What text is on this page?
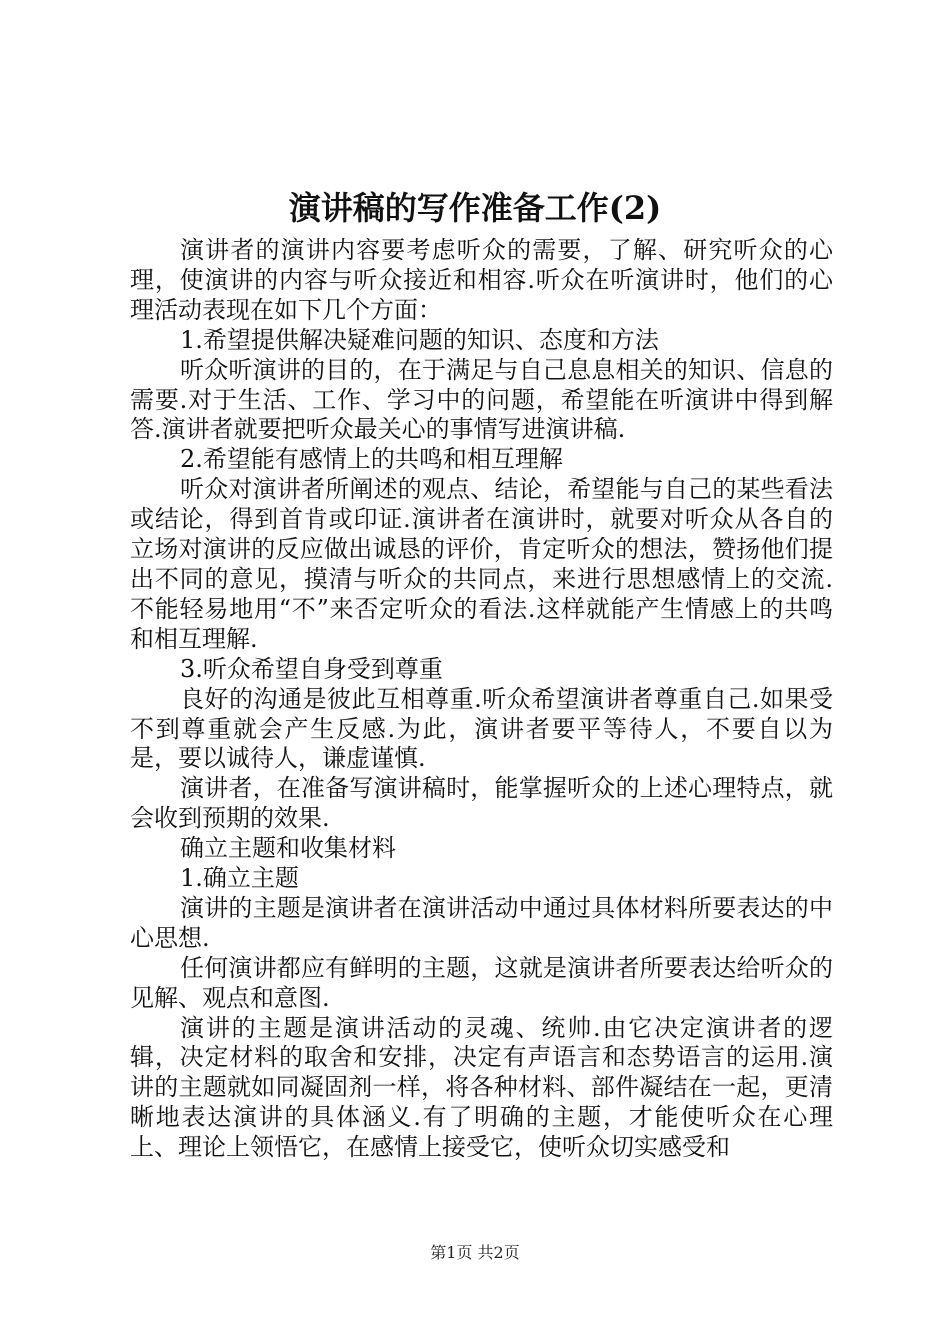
演讲稿的写作准备工作(2)

演讲者的演讲内容要考虑听众的需要，了解、研究听众的心理，使演讲的内容与听众接近和相容.听众在听演讲时，他们的心理活动表现在如下几个方面：

1.希望提供解决疑难问题的知识、态度和方法

听众听演讲的目的，在于满足与自己息息相关的知识、信息的需要.对于生活、工作、学习中的问题，希望能在听演讲中得到解答.演讲者就要把听众最关心的事情写进演讲稿.

2.希望能有感情上的共鸣和相互理解

听众对演讲者所阐述的观点、结论，希望能与自己的某些看法或结论，得到首肯或印证.演讲者在演讲时，就要对听众从各自的立场对演讲的反应做出诚恳的评价，肯定听众的想法，赞扬他们提出不同的意见，摸清与听众的共同点，来进行思想感情上的交流.不能轻易地用“不”来否定听众的看法.这样就能产生情感上的共鸣和相互理解.

3.听众希望自身受到尊重

良好的沟通是彼此互相尊重.听众希望演讲者尊重自己.如果受不到尊重就会产生反感.为此，演讲者要平等待人，不要自以为是，要以诚待人，谦虚谨慎.

演讲者，在准备写演讲稿时，能掌握听众的上述心理特点，就会收到预期的效果.

确立主题和收集材料

1.确立主题

演讲的主题是演讲者在演讲活动中通过具体材料所要表达的中心思想.

任何演讲都应有鲜明的主题，这就是演讲者所要表达给听众的见解、观点和意图.

演讲的主题是演讲活动的灵魂、统帅.由它决定演讲者的逻辑，决定材料的取舍和安排，决定有声语言和态势语言的运用.演讲的主题就如同凝固剂一样，将各种材料、部件凝结在一起，更清晰地表达演讲的具体涵义.有了明确的主题，才能使听众在心理上、理论上领悟它，在感情上接受它，使听众切实感受和

第1页 共2页
